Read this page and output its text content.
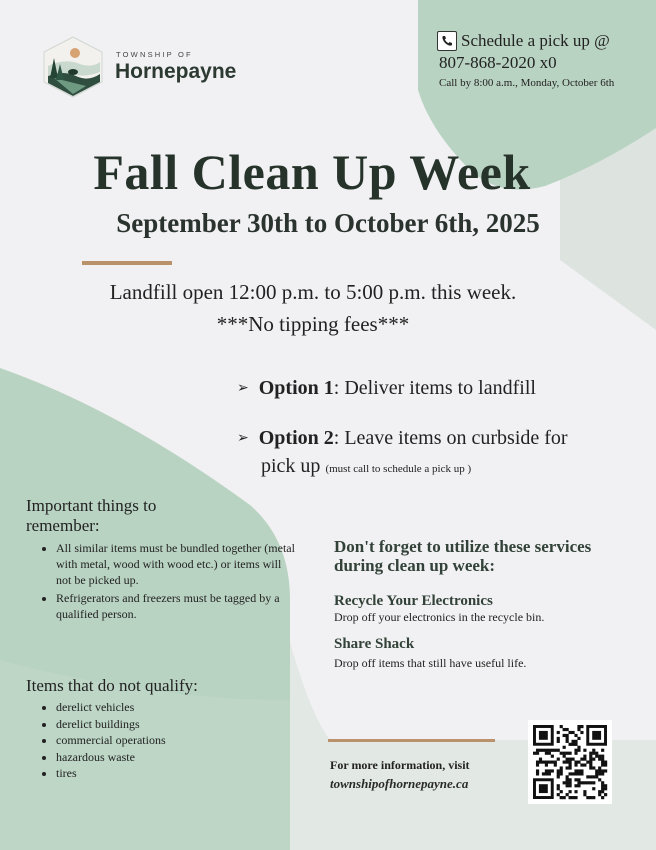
TOWNSHIP OF
Hornepayne
Schedule a pick up @
807-868-2020 x0
Call by 8:00 a.m., Monday, October 6th
Fall Clean Up Week
September 30th to October 6th, 2025
Landfill open 12:00 p.m. to 5:00 p.m. this week.
***No tipping fees***
➢ Option 1: Deliver items to landfill
➢ Option 2: Leave items on curbside for
pick up (must call to schedule a pick up )
Important things to remember:
• All similar items must be bundled together (metal with metal, wood with wood etc.) or items will not be picked up.
• Refrigerators and freezers must be tagged by a qualified person.
Items that do not qualify:
• derelict vehicles
• derelict buildings
• commercial operations
• hazardous waste
• tires
Don't forget to utilize these services during clean up week:
Recycle Your Electronics
Drop off your electronics in the recycle bin.
Share Shack
Drop off items that still have useful life.
For more information, visit
townshipofhornepayne.ca
